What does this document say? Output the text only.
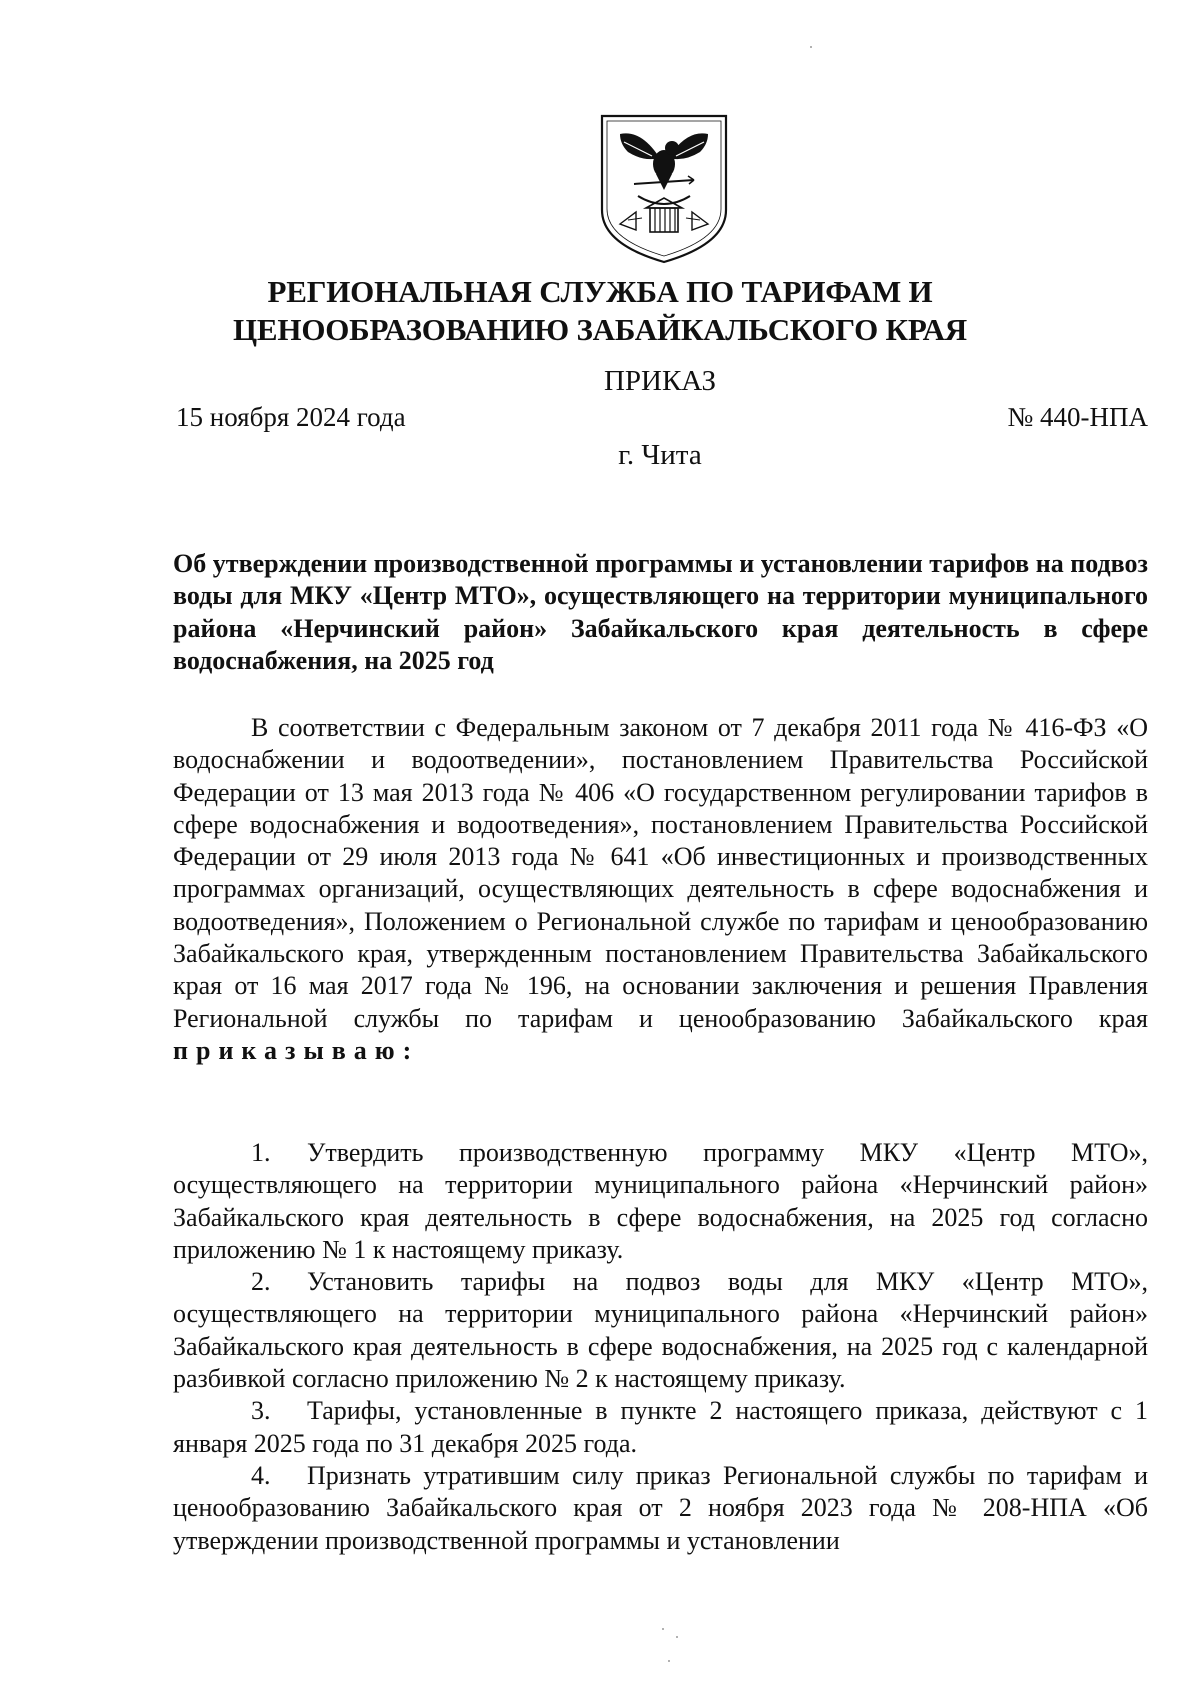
РЕГИОНАЛЬНАЯ СЛУЖБА ПО ТАРИФАМ И
ЦЕНООБРАЗОВАНИЮ ЗАБАЙКАЛЬСКОГО КРАЯ
ПРИКАЗ
15 ноября 2024 года	№ 440-НПА
г. Чита
Об утверждении производственной программы и установлении тарифов на подвоз воды для МКУ «Центр МТО», осуществляющего на территории муниципального района «Нерчинский район» Забайкальского края деятельность в сфере водоснабжения, на 2025 год

В соответствии с Федеральным законом от 7 декабря 2011 года № 416-ФЗ «О водоснабжении и водоотведении», постановлением Правительства Российской Федерации от 13 мая 2013 года № 406 «О государственном регулировании тарифов в сфере водоснабжения и водоотведения», постановлением Правительства Российской Федерации от 29 июля 2013 года № 641 «Об инвестиционных и производственных программах организаций, осуществляющих деятельность в сфере водоснабжения и водоотведения», Положением о Региональной службе по тарифам и ценообразованию Забайкальского края, утвержденным постановлением Правительства Забайкальского края от 16 мая 2017 года № 196, на основании заключения и решения Правления Региональной службы по тарифам и ценообразованию Забайкальского края приказываю:

1. Утвердить производственную программу МКУ «Центр МТО», осуществляющего на территории муниципального района «Нерчинский район» Забайкальского края деятельность в сфере водоснабжения, на 2025 год согласно приложению № 1 к настоящему приказу.

2. Установить тарифы на подвоз воды для МКУ «Центр МТО», осуществляющего на территории муниципального района «Нерчинский район» Забайкальского края деятельность в сфере водоснабжения, на 2025 год с календарной разбивкой согласно приложению № 2 к настоящему приказу.

3. Тарифы, установленные в пункте 2 настоящего приказа, действуют с 1 января 2025 года по 31 декабря 2025 года.

4. Признать утратившим силу приказ Региональной службы по тарифам и ценообразованию Забайкальского края от 2 ноября 2023 года № 208-НПА «Об утверждении производственной программы и установлении
